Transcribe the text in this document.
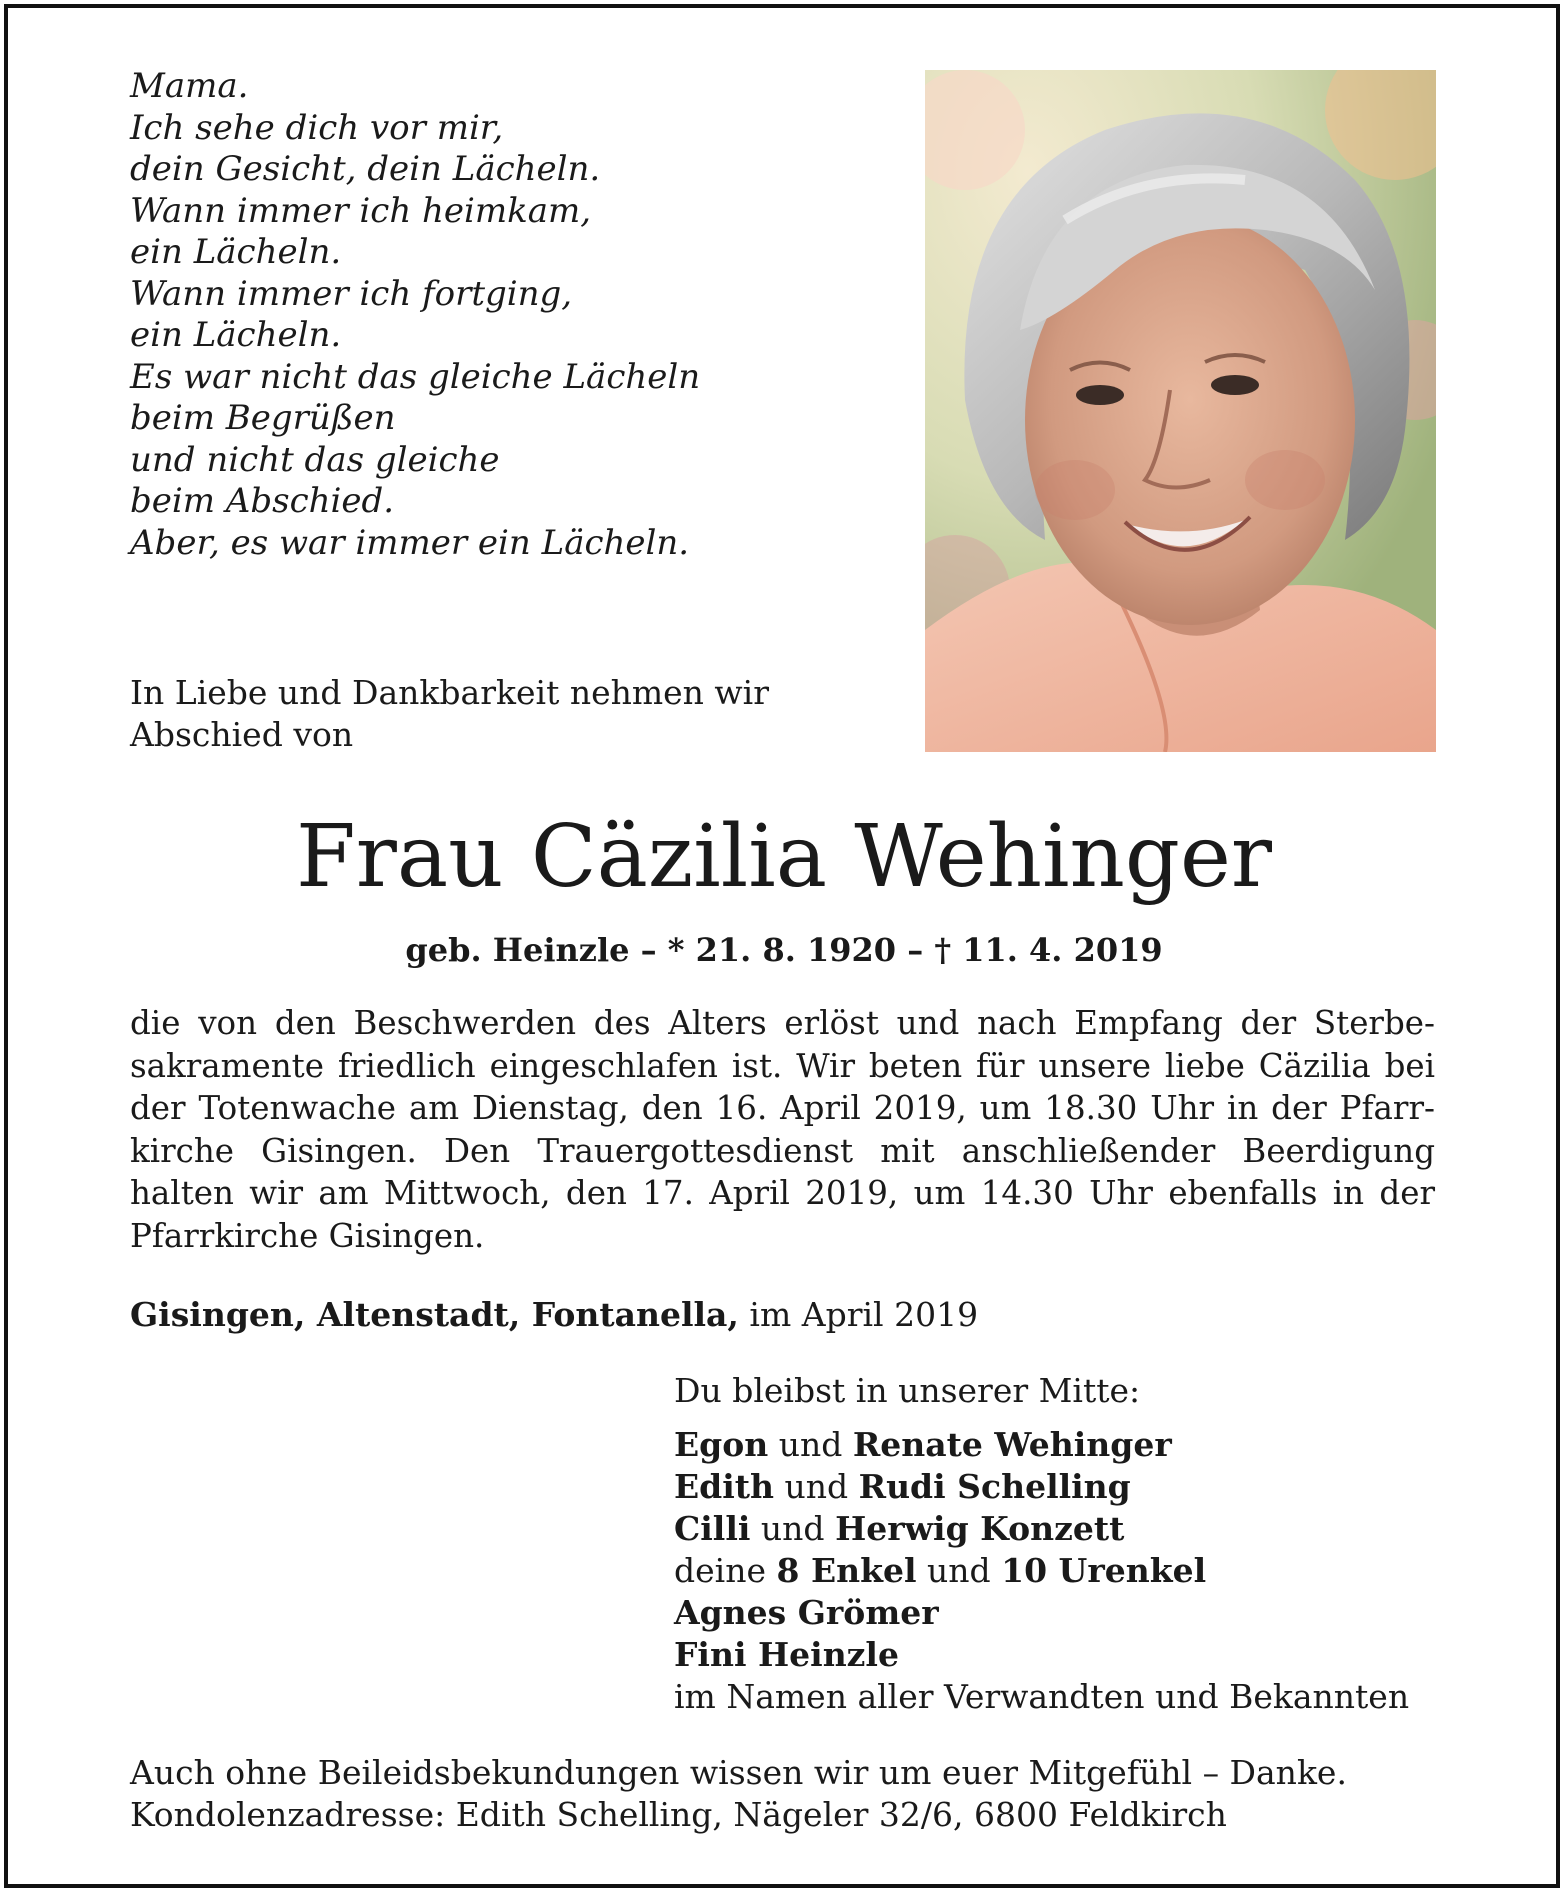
Mama.
Ich sehe dich vor mir,
dein Gesicht, dein Lächeln.
Wann immer ich heimkam,
ein Lächeln.
Wann immer ich fortging,
ein Lächeln.
Es war nicht das gleiche Lächeln
beim Begrüßen
und nicht das gleiche
beim Abschied.
Aber, es war immer ein Lächeln.
In Liebe und Dankbarkeit nehmen wir Abschied von
Frau Cäzilia Wehinger
geb. Heinzle – * 21. 8. 1920 – † 11. 4. 2019
die von den Beschwerden des Alters erlöst und nach Empfang der Sterbesakramente friedlich eingeschlafen ist. Wir beten für unsere liebe Cäzilia bei der Totenwache am Dienstag, den 16. April 2019, um 18.30 Uhr in der Pfarrkirche Gisingen. Den Trauergottesdienst mit anschließender Beerdigung halten wir am Mittwoch, den 17. April 2019, um 14.30 Uhr ebenfalls in der Pfarrkirche Gisingen.
Gisingen, Altenstadt, Fontanella, im April 2019
Du bleibst in unserer Mitte:
Egon und Renate Wehinger
Edith und Rudi Schelling
Cilli und Herwig Konzett
deine 8 Enkel und 10 Urenkel
Agnes Grömer
Fini Heinzle
im Namen aller Verwandten und Bekannten
Auch ohne Beileidsbekundungen wissen wir um euer Mitgefühl – Danke.
Kondolenzadresse: Edith Schelling, Nägeler 32/6, 6800 Feldkirch
